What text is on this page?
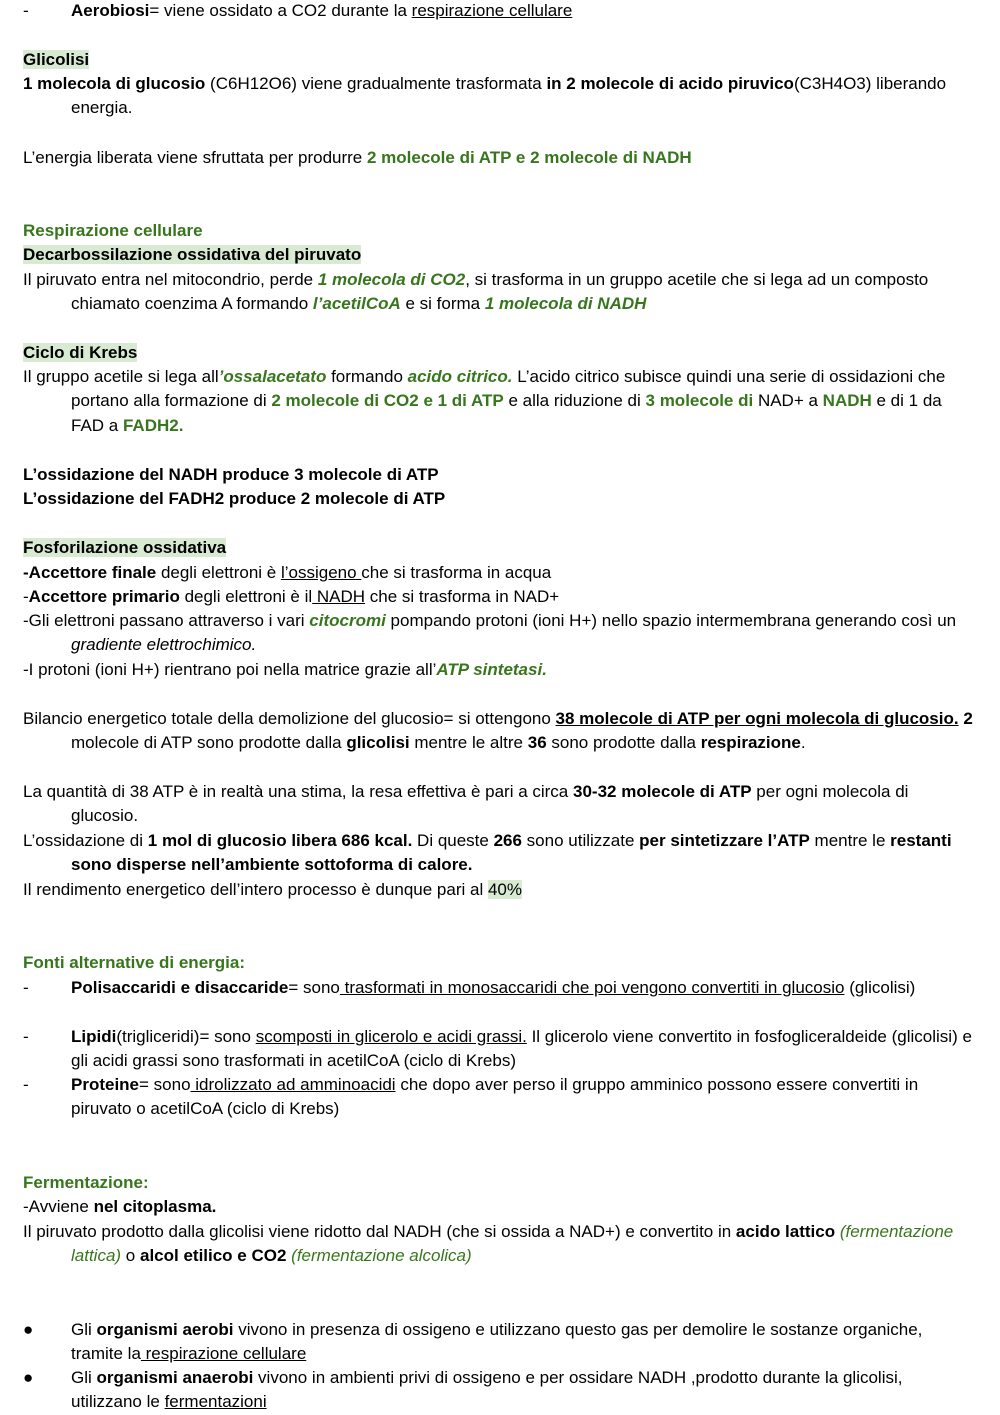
-	Aerobiosi= viene ossidato a CO2 durante la respirazione cellulare
Glicolisi
1 molecola di glucosio (C6H12O6) viene gradualmente trasformata in 2 molecole di acido piruvico(C3H4O3) liberando energia.
L’energia liberata viene sfruttata per produrre 2 molecole di ATP e 2 molecole di NADH
Respirazione cellulare
Decarbossilazione ossidativa del piruvato
Il piruvato entra nel mitocondrio, perde 1 molecola di CO2, si trasforma in un gruppo acetile che si lega ad un composto chiamato coenzima A formando l’acetilCoA e si forma 1 molecola di NADH
Ciclo di Krebs
Il gruppo acetile si lega all’ossalacetato formando acido citrico. L’acido citrico subisce quindi una serie di ossidazioni che portano alla formazione di 2 molecole di CO2 e 1 di ATP e alla riduzione di 3 molecole di NAD+ a NADH e di 1 da FAD a FADH2.
L’ossidazione del NADH produce 3 molecole di ATP
L’ossidazione del FADH2 produce 2 molecole di ATP
Fosforilazione ossidativa
-Accettore finale degli elettroni è l’ossigeno che si trasforma in acqua
-Accettore primario degli elettroni è il NADH che si trasforma in NAD+
-Gli elettroni passano attraverso i vari citocromi pompando protoni (ioni H+) nello spazio intermembrana generando così un gradiente elettrochimico.
-I protoni (ioni H+) rientrano poi nella matrice grazie all’ATP sintetasi.
Bilancio energetico totale della demolizione del glucosio= si ottengono 38 molecole di ATP per ogni molecola di glucosio. 2 molecole di ATP sono prodotte dalla glicolisi mentre le altre 36 sono prodotte dalla respirazione.
La quantità di 38 ATP è in realtà una stima, la resa effettiva è pari a circa 30-32 molecole di ATP per ogni molecola di glucosio.
L’ossidazione di 1 mol di glucosio libera 686 kcal. Di queste 266 sono utilizzate per sintetizzare l’ATP mentre le restanti sono disperse nell’ambiente sottoforma di calore.
Il rendimento energetico dell’intero processo è dunque pari al 40%
Fonti alternative di energia:
-	Polisaccaridi e disaccaride= sono trasformati in monosaccaridi che poi vengono convertiti in glucosio (glicolisi)
-	Lipidi(trigliceridi)= sono scomposti in glicerolo e acidi grassi. Il glicerolo viene convertito in fosfogliceraldeide (glicolisi) e gli acidi grassi sono trasformati in acetilCoA (ciclo di Krebs)
-	Proteine= sono idrolizzato ad amminoacidi che dopo aver perso il gruppo amminico possono essere convertiti in piruvato o acetilCoA (ciclo di Krebs)
Fermentazione:
-Avviene nel citoplasma.
Il piruvato prodotto dalla glicolisi viene ridotto dal NADH (che si ossida a NAD+) e convertito in acido lattico (fermentazione lattica) o alcol etilico e CO2 (fermentazione alcolica)
●	Gli organismi aerobi vivono in presenza di ossigeno e utilizzano questo gas per demolire le sostanze organiche, tramite la respirazione cellulare
●	Gli organismi anaerobi vivono in ambienti privi di ossigeno e per ossidare NADH ,prodotto durante la glicolisi, utilizzano le fermentazioni
